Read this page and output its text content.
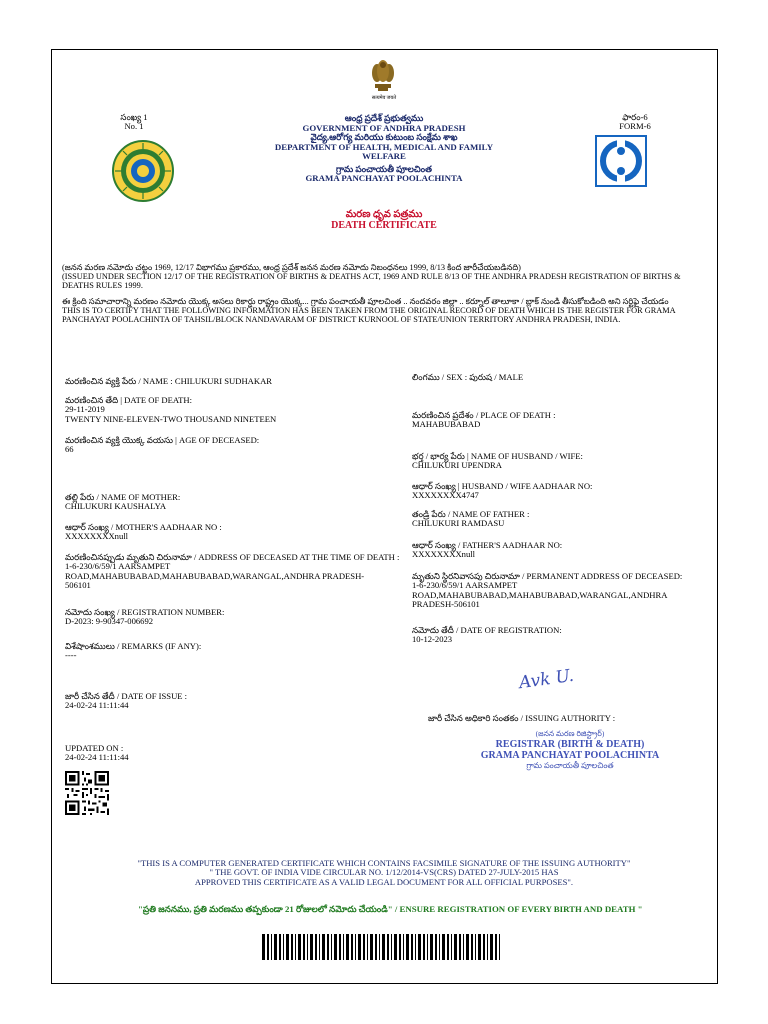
सत्यमेव जयते
సంఖ్య 1
No. 1
ఆంధ్ర ప్రదేశ్ ప్రభుత్వము
GOVERNMENT OF ANDHRA PRADESH
వైద్య,ఆరోగ్య మరియు కుటుంబ సంక్షేమ శాఖ
DEPARTMENT OF HEALTH, MEDICAL AND FAMILY
WELFARE
గ్రామ పంచాయతీ పూలచింత
GRAMA PANCHAYAT POOLACHINTA
మరణ ధృవ పత్రము
DEATH CERTIFICATE
ఫారం-6
FORM-6
(జనన మరణ నమోదు చట్టం 1969, 12/17 విభాగము ప్రకారము, ఆంధ్ర ప్రదేశ్ జనన మరణ నమోదు నిబంధనలు 1999, 8/13 కింద జారీచేయబడినది)
(ISSUED UNDER SECTION 12/17 OF THE REGISTRATION OF BIRTHS & DEATHS ACT, 1969 AND RULE 8/13 OF THE ANDHRA PRADESH REGISTRATION OF BIRTHS & DEATHS RULES 1999.
ఈ క్రింది సమాచారాన్ని మరణం నమోదు యొక్క అసలు రికార్డు రాష్ట్రం యొక్క... గ్రామ పంచాయతీ పూలచింత .. నందవరం జిల్లా .. కర్నూల్ తాలూకా / బ్లాక్ నుండి తీసుకోబడింది అని సర్టిఫై చేయడం
THIS IS TO CERTIFY THAT THE FOLLOWING INFORMATION HAS BEEN TAKEN FROM THE ORIGINAL RECORD OF DEATH WHICH IS THE REGISTER FOR GRAMA PANCHAYAT POOLACHINTA OF TAHSIL/BLOCK NANDAVARAM OF DISTRICT KURNOOL OF STATE/UNION TERRITORY ANDHRA PRADESH, INDIA.
మరణించిన వ్యక్తి పేరు / NAME : CHILUKURI SUDHAKAR
మరణించిన తేది | DATE OF DEATH:
29-11-2019
TWENTY NINE-ELEVEN-TWO THOUSAND NINETEEN
మరణించిన వ్యక్తి యొక్క వయసు | AGE OF DECEASED:
66
తల్లి పేరు / NAME OF MOTHER:
CHILUKURI KAUSHALYA
ఆధార్ సంఖ్య / MOTHER'S AADHAAR NO :
XXXXXXXXnull
మరణించినప్పుడు మృతుని చిరునామా / ADDRESS OF DECEASED AT THE TIME OF DEATH :
1-6-230/6/59/1 AARSAMPET ROAD,MAHABUBABAD,MAHABUBABAD,WARANGAL,ANDHRA PRADESH-506101
నమోదు సంఖ్య / REGISTRATION NUMBER:
D-2023: 9-90347-006692
విశేషాంశములు / REMARKS (IF ANY):
----
జారీ చేసిన తేదీ / DATE OF ISSUE :
24-02-24 11:11:44
UPDATED ON :
24-02-24 11:11:44
లింగము / SEX : పురుష / MALE
మరణించిన ప్రదేశం / PLACE OF DEATH :
MAHABUBABAD
భర్త / భార్య పేరు | NAME OF HUSBAND / WIFE:
CHILUKURI UPENDRA
ఆధార్ సంఖ్య | HUSBAND / WIFE AADHAAR NO:
XXXXXXXX4747
తండ్రి పేరు / NAME OF FATHER :
CHILUKURI RAMDASU
ఆధార్ సంఖ్య / FATHER'S AADHAAR NO:
XXXXXXXXnull
మృతుని స్థిరనివాసపు చిరునామా / PERMANENT ADDRESS OF DECEASED:
1-6-230/6/59/1 AARSAMPET ROAD,MAHABUBABAD,MAHABUBABAD,WARANGAL,ANDHRA PRADESH-506101
నమోదు తేదీ / DATE OF REGISTRATION:
10-12-2023
Avk U.
జారీ చేసిన అధికారి సంతకం / ISSUING AUTHORITY :
(జనన మరణ రిజిస్ట్రార్)
REGISTRAR (BIRTH & DEATH)
GRAMA PANCHAYAT POOLACHINTA
గ్రామ పంచాయతీ పూలచింత
"THIS IS A COMPUTER GENERATED CERTIFICATE WHICH CONTAINS FACSIMILE SIGNATURE OF THE ISSUING AUTHORITY"
" THE GOVT. OF INDIA VIDE CIRCULAR NO. 1/12/2014-VS(CRS) DATED 27-JULY-2015 HAS
APPROVED THIS CERTIFICATE AS A VALID LEGAL DOCUMENT FOR ALL OFFICIAL PURPOSES".
"ప్రతి జననము, ప్రతి మరణము తప్పకుండా 21 రోజులలో నమోదు చేయండి" / ENSURE REGISTRATION OF EVERY BIRTH AND DEATH "
